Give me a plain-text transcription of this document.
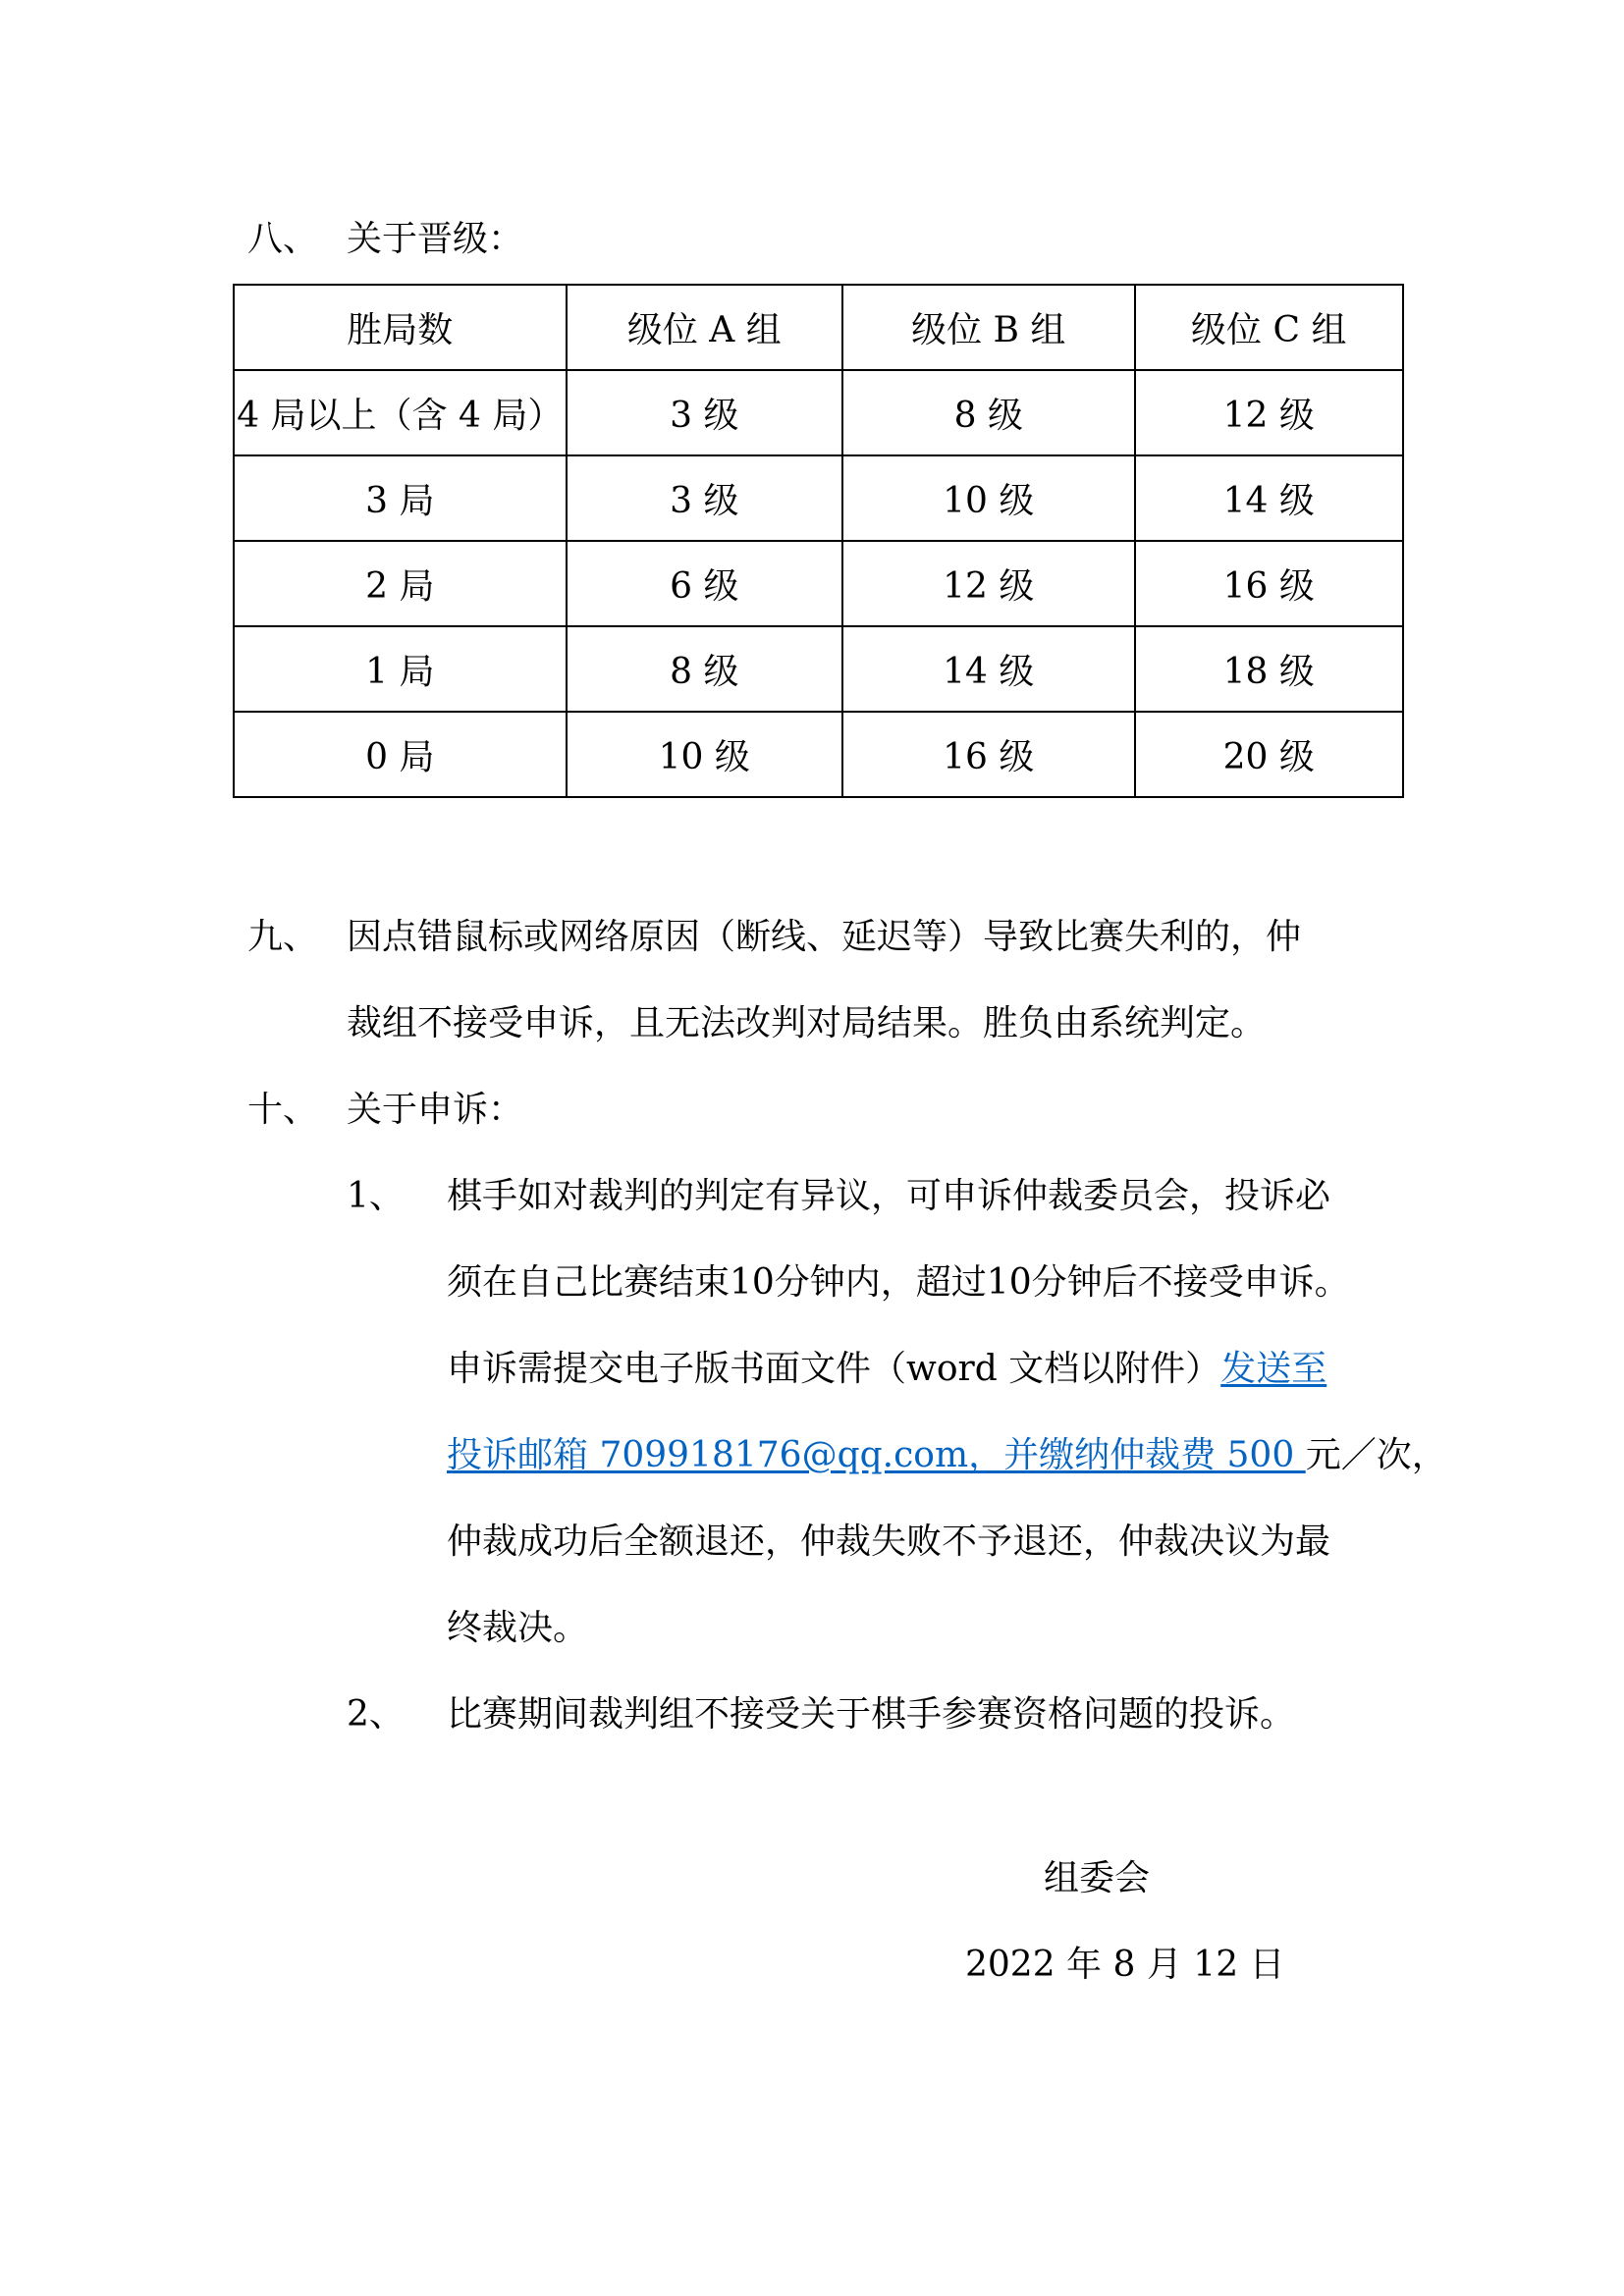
八、 关于晋级：
胜局数	级位 A 组	级位 B 组	级位 C 组
4 局以上（含 4 局）	3 级	8 级	12 级
3 局	3 级	10 级	14 级
2 局	6 级	12 级	16 级
1 局	8 级	14 级	18 级
0 局	10 级	16 级	20 级
九、 因点错鼠标或网络原因（断线、延迟等）导致比赛失利的，仲
裁组不接受申诉，且无法改判对局结果。胜负由系统判定。
十、 关于申诉：
1、 棋手如对裁判的判定有异议，可申诉仲裁委员会，投诉必
须在自己比赛结束10分钟内，超过10分钟后不接受申诉。
申诉需提交电子版书面文件（word 文档以附件）发送至
投诉邮箱 709918176@qq.com，并缴纳仲裁费 500 元／次，
仲裁成功后全额退还，仲裁失败不予退还，仲裁决议为最
终裁决。
2、 比赛期间裁判组不接受关于棋手参赛资格问题的投诉。
组委会
2022 年 8 月 12 日
